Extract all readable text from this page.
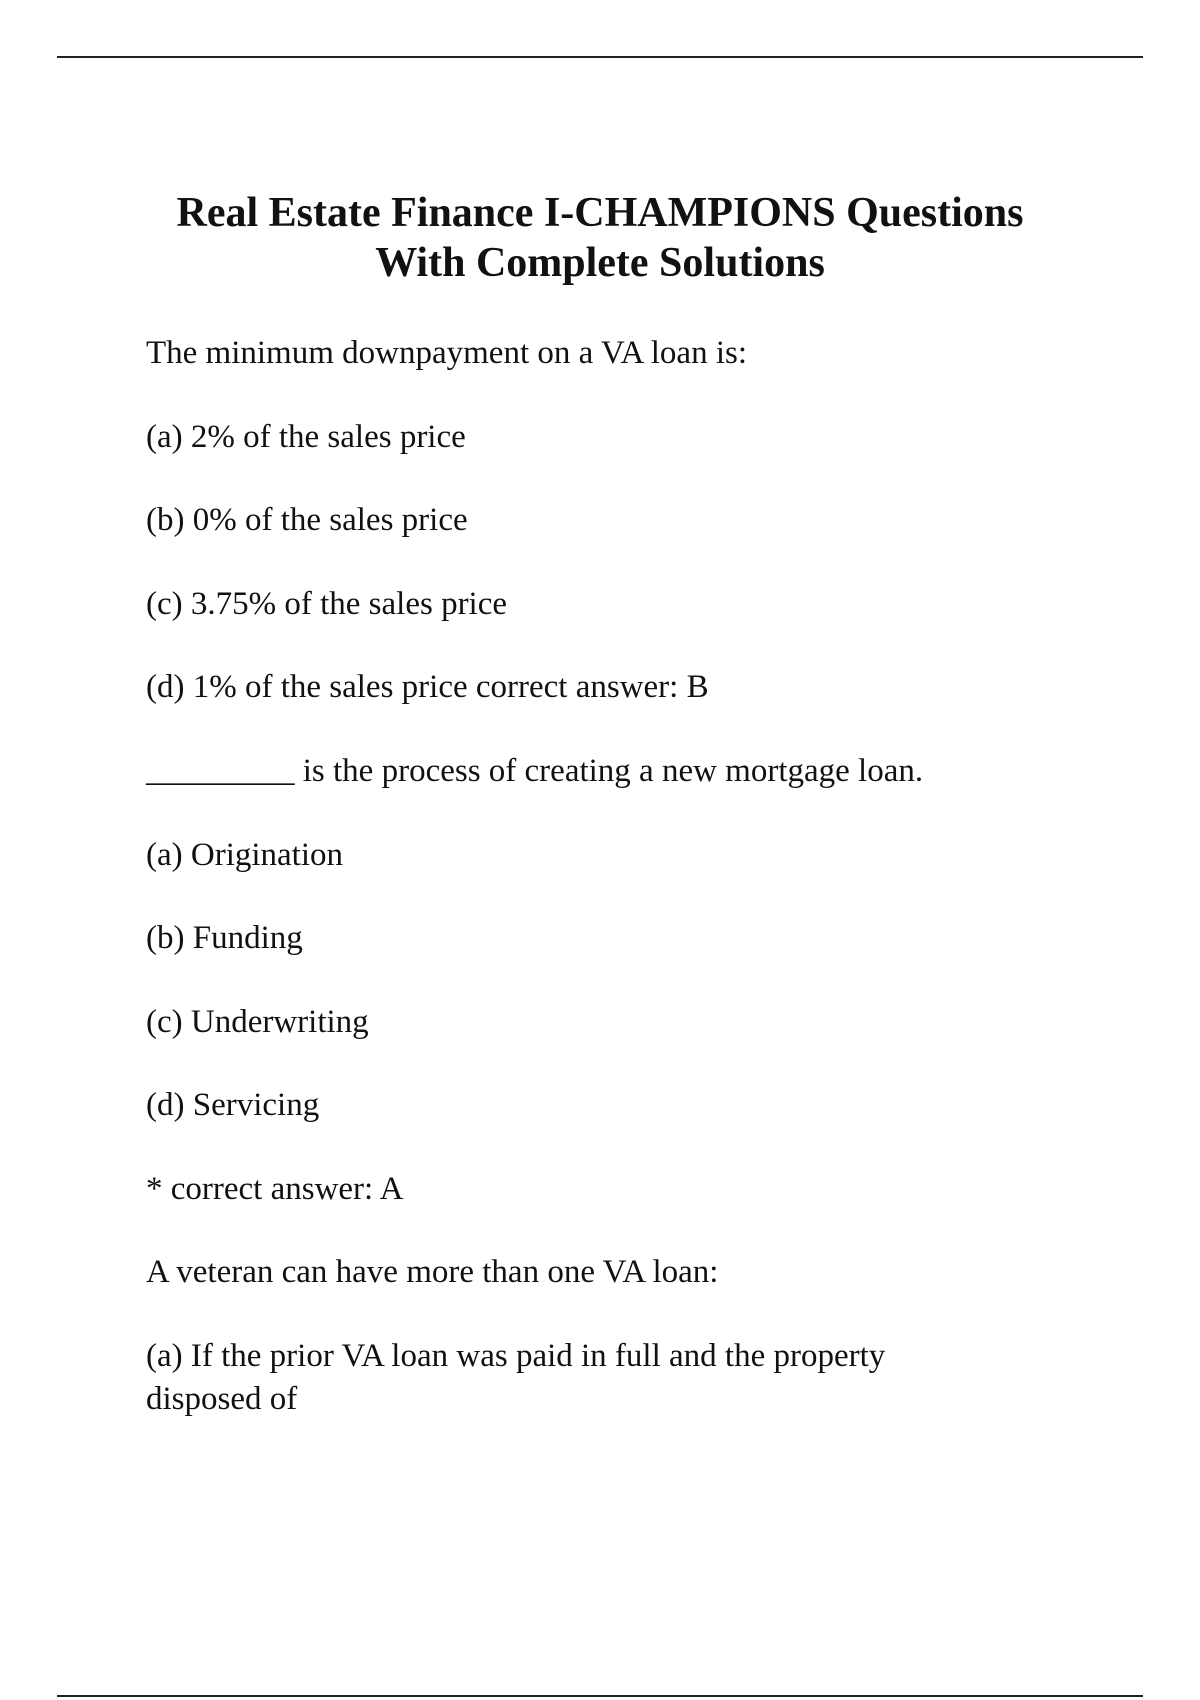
Real Estate Finance I-CHAMPIONS Questions
With Complete Solutions

The minimum downpayment on a VA loan is:

(a) 2% of the sales price

(b) 0% of the sales price

(c) 3.75% of the sales price

(d) 1% of the sales price correct answer: B

_________ is the process of creating a new mortgage loan.

(a) Origination

(b) Funding

(c) Underwriting

(d) Servicing

* correct answer: A

A veteran can have more than one VA loan:

(a) If the prior VA loan was paid in full and the property disposed of
